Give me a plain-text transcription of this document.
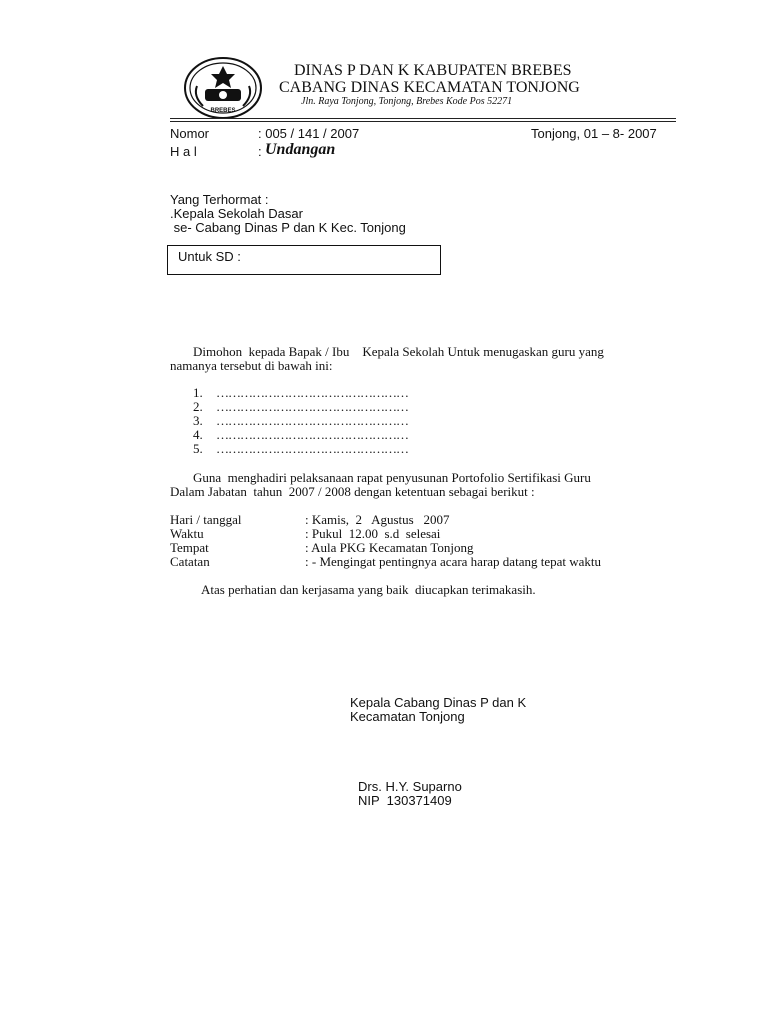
BREBES
DINAS P DAN K KABUPATEN BREBES
CABANG DINAS KECAMATAN TONJONG
Jln. Raya Tonjong, Tonjong, Brebes Kode Pos 52271
Nomor	: 005 / 141 / 2007	Tonjong, 01 – 8- 2007
H a l	: Undangan
Yang Terhormat :
.Kepala Sekolah Dasar
se- Cabang Dinas P dan K Kec. Tonjong
Untuk SD :
Dimohon  kepada Bapak / Ibu    Kepala Sekolah Untuk menugaskan guru yang
namanya tersebut di bawah ini:
1. …………………………………………
2. …………………………………………
3. …………………………………………
4. …………………………………………
5. …………………………………………
Guna  menghadiri pelaksanaan rapat penyusunan Portofolio Sertifikasi Guru
Dalam Jabatan  tahun  2007 / 2008 dengan ketentuan sebagai berikut :
Hari / tanggal	: Kamis,  2   Agustus   2007
Waktu	: Pukul  12.00  s.d  selesai
Tempat	: Aula PKG Kecamatan Tonjong
Catatan	: - Mengingat pentingnya acara harap datang tepat waktu
Atas perhatian dan kerjasama yang baik  diucapkan terimakasih.
Kepala Cabang Dinas P dan K
Kecamatan Tonjong
Drs. H.Y. Suparno
NIP  130371409
